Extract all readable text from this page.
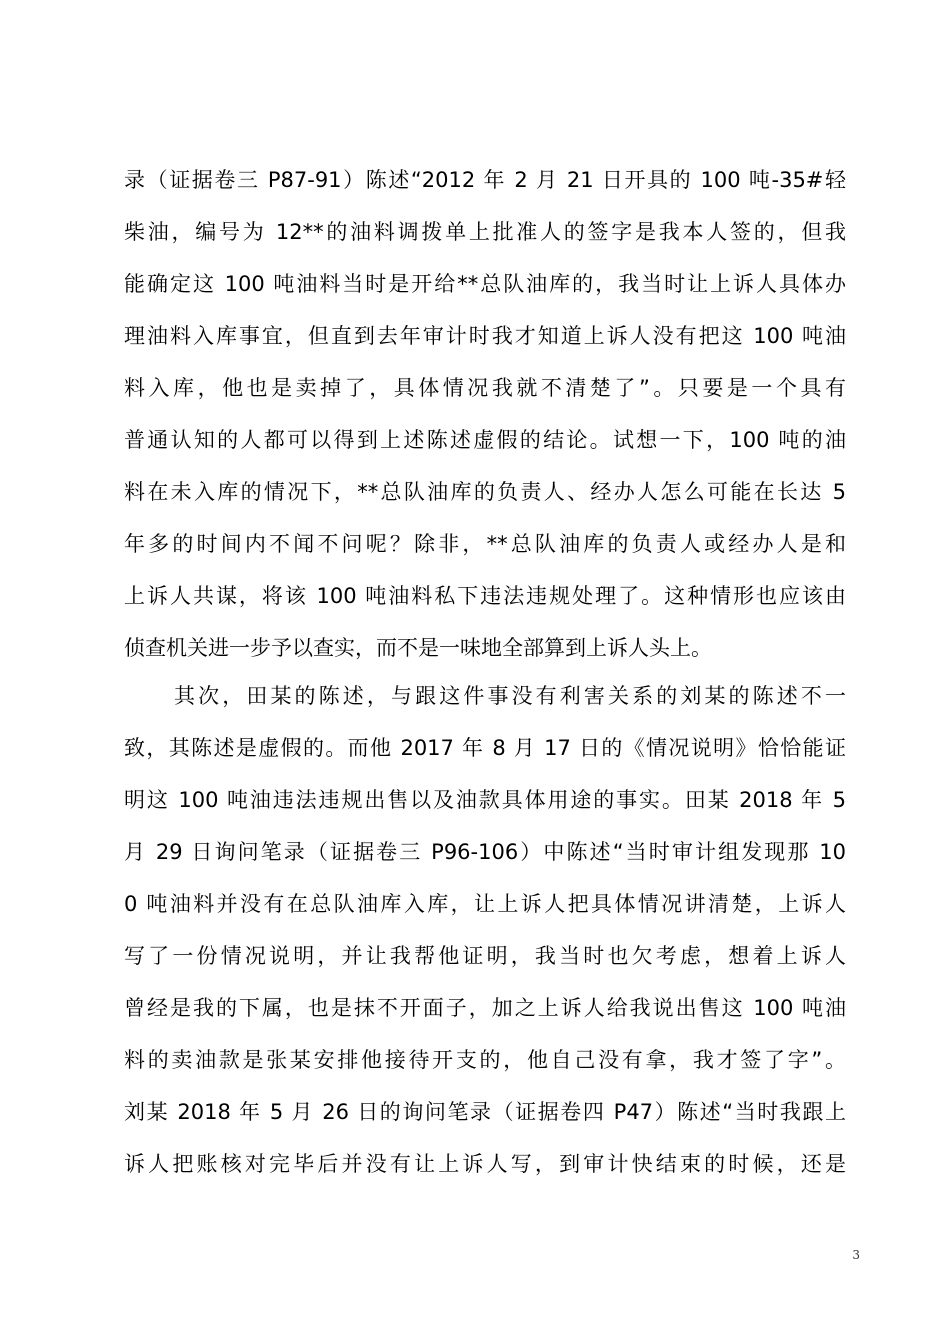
录（证据卷三 P87-91）陈述“2012 年 2 月 21 日开具的 100 吨-35#轻
柴油，编号为 12**的油料调拨单上批准人的签字是我本人签的，但我
能确定这 100 吨油料当时是开给**总队油库的，我当时让上诉人具体办
理油料入库事宜，但直到去年审计时我才知道上诉人没有把这 100 吨油
料入库，他也是卖掉了，具体情况我就不清楚了”。只要是一个具有
普通认知的人都可以得到上述陈述虚假的结论。试想一下，100 吨的油
料在未入库的情况下，**总队油库的负责人、经办人怎么可能在长达 5
年多的时间内不闻不问呢？除非，**总队油库的负责人或经办人是和
上诉人共谋，将该 100 吨油料私下违法违规处理了。这种情形也应该由
侦查机关进一步予以查实，而不是一味地全部算到上诉人头上。
其次，田某的陈述，与跟这件事没有利害关系的刘某的陈述不一
致，其陈述是虚假的。而他 2017 年 8 月 17 日的《情况说明》恰恰能证
明这 100 吨油违法违规出售以及油款具体用途的事实。田某 2018 年 5
月 29 日询问笔录（证据卷三 P96-106）中陈述“当时审计组发现那 10
0 吨油料并没有在总队油库入库，让上诉人把具体情况讲清楚，上诉人
写了一份情况说明，并让我帮他证明，我当时也欠考虑，想着上诉人
曾经是我的下属，也是抹不开面子，加之上诉人给我说出售这 100 吨油
料的卖油款是张某安排他接待开支的，他自己没有拿，我才签了字”。
刘某 2018 年 5 月 26 日的询问笔录（证据卷四 P47）陈述“当时我跟上
诉人把账核对完毕后并没有让上诉人写，到审计快结束的时候，还是
3
